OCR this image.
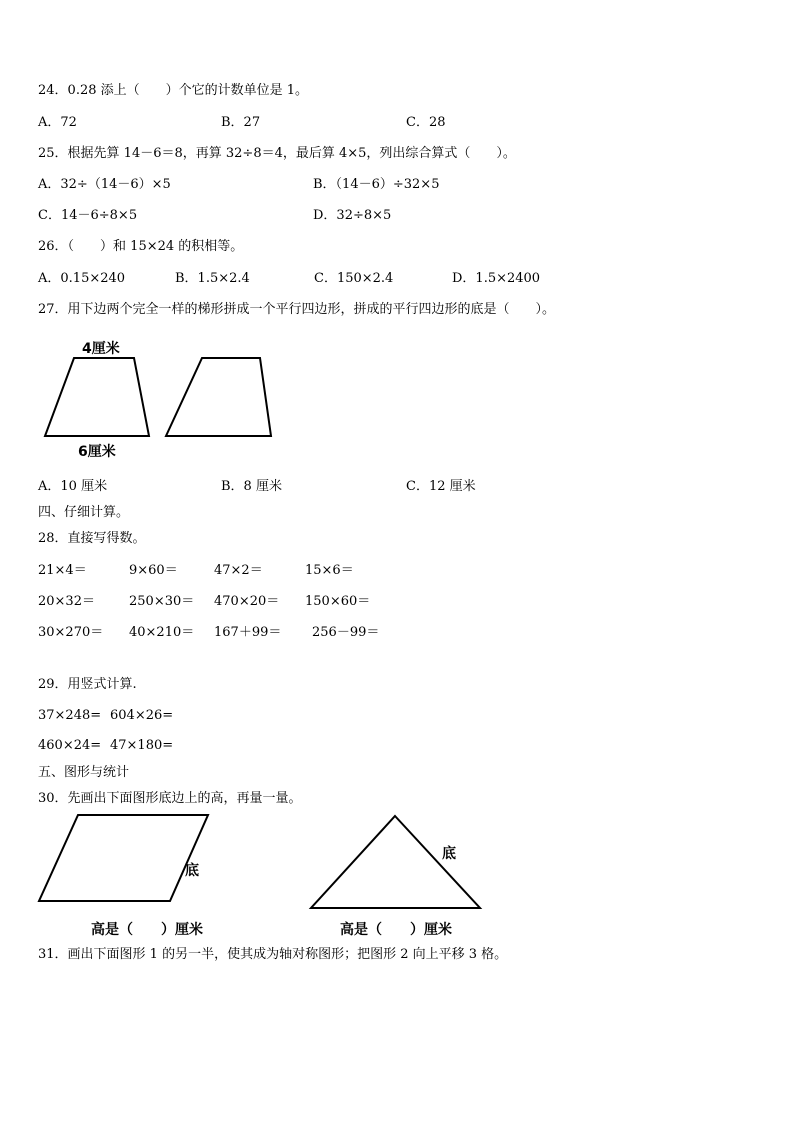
24．0.28 添上（　　）个它的计数单位是 1。
A．72	B．27	C．28
25．根据先算 14－6＝8，再算 32÷8＝4，最后算 4×5，列出综合算式（　　）。
A．32÷（14－6）×5	B．（14－6）÷32×5
C．14－6÷8×5	D．32÷8×5
26．（　　）和 15×24 的积相等。
A．0.15×240	B．1.5×2.4	C．150×2.4	D．1.5×2400
27．用下边两个完全一样的梯形拼成一个平行四边形，拼成的平行四边形的底是（　　）。
4厘米
6厘米
A．10 厘米	B．8 厘米	C．12 厘米
四、仔细计算。
28．直接写得数。
21×4＝	9×60＝	47×2＝	15×6＝
20×32＝	250×30＝ 470×20＝ 150×60＝
30×270＝ 40×210＝ 167＋99＝ 256－99＝
29．用竖式计算.
37×248= 604×26=
460×24= 47×180=
五、图形与统计
30．先画出下面图形底边上的高，再量一量。
底
高是（　　）厘米
底
高是（　　）厘米
31．画出下面图形 1 的另一半，使其成为轴对称图形；把图形 2 向上平移 3 格。
